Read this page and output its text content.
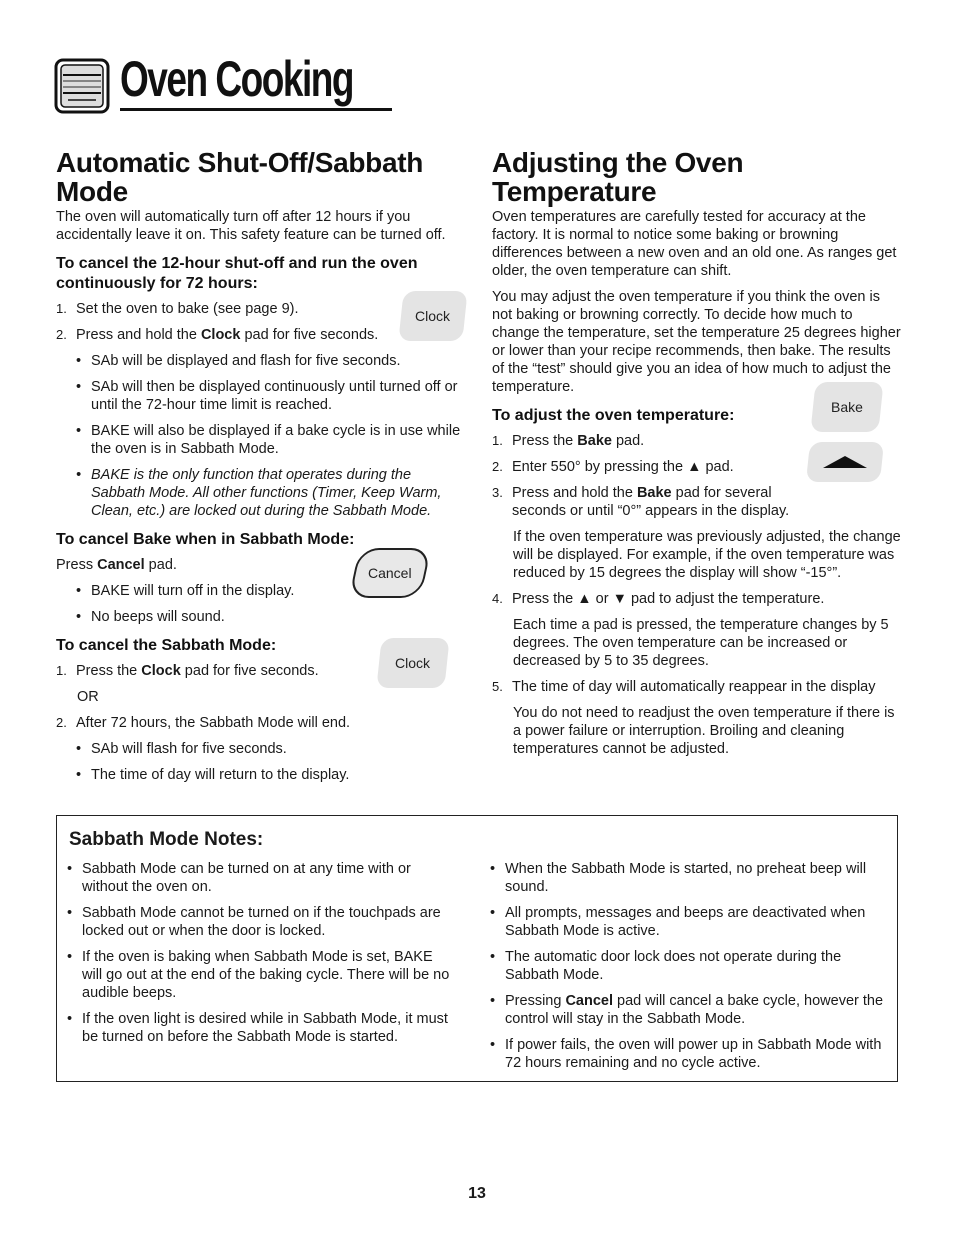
Oven Cooking
Automatic Shut-Off/Sabbath Mode

The oven will automatically turn off after 12 hours if you accidentally leave it on. This safety feature can be turned off.

To cancel the 12-hour shut-off and run the oven continuously for 72 hours:
1. Set the oven to bake (see page 9).
2. Press and hold the Clock pad for five seconds.
• SAb will be displayed and flash for five seconds.
• SAb will then be displayed continuously until turned off or until the 72-hour time limit is reached.
• BAKE will also be displayed if a bake cycle is in use while the oven is in Sabbath Mode.
• BAKE is the only function that operates during the Sabbath Mode. All other functions (Timer, Keep Warm, Clean, etc.) are locked out during the Sabbath Mode.
To cancel Bake when in Sabbath Mode:

Press Cancel pad.

• BAKE will turn off in the display.
• No beeps will sound.
To cancel the Sabbath Mode:
1. Press the Clock pad for five seconds.
OR
2. After 72 hours, the Sabbath Mode will end.
• SAb will flash for five seconds.
• The time of day will return to the display.
Adjusting the Oven Temperature

Oven temperatures are carefully tested for accuracy at the factory. It is normal to notice some baking or browning differences between a new oven and an old one. As ranges get older, the oven temperature can shift.

You may adjust the oven temperature if you think the oven is not baking or browning correctly. To decide how much to change the temperature, set the temperature 25 degrees higher or lower than your recipe recommends, then bake. The results of the “test” should give you an idea of how much to adjust the temperature.

To adjust the oven temperature:
1. Press the Bake pad.
2. Enter 550° by pressing the ▲ pad.
3. Press and hold the Bake pad for several seconds or until “0°” appears in the display.

If the oven temperature was previously adjusted, the change will be displayed. For example, if the oven temperature was reduced by 15 degrees the display will show “-15°”.

4. Press the ▲ or ▼ pad to adjust the temperature.

Each time a pad is pressed, the temperature changes by 5 degrees. The oven temperature can be increased or decreased by 5 to 35 degrees.

5. The time of day will automatically reappear in the display

You do not need to readjust the oven temperature if there is a power failure or interruption. Broiling and cleaning temperatures cannot be adjusted.

Clock
Cancel
Clock
Bake
Sabbath Mode Notes:
• Sabbath Mode can be turned on at any time with or without the oven on.
• Sabbath Mode cannot be turned on if the touchpads are locked out or when the door is locked.
• If the oven is baking when Sabbath Mode is set, BAKE will go out at the end of the baking cycle. There will be no audible beeps.
• If the oven light is desired while in Sabbath Mode, it must be turned on before the Sabbath Mode is started.
• When the Sabbath Mode is started, no preheat beep will sound.
• All prompts, messages and beeps are deactivated when Sabbath Mode is active.
• The automatic door lock does not operate during the Sabbath Mode.
• Pressing Cancel pad will cancel a bake cycle, however the control will stay in the Sabbath Mode.
• If power fails, the oven will power up in Sabbath Mode with 72 hours remaining and no cycle active.
13
